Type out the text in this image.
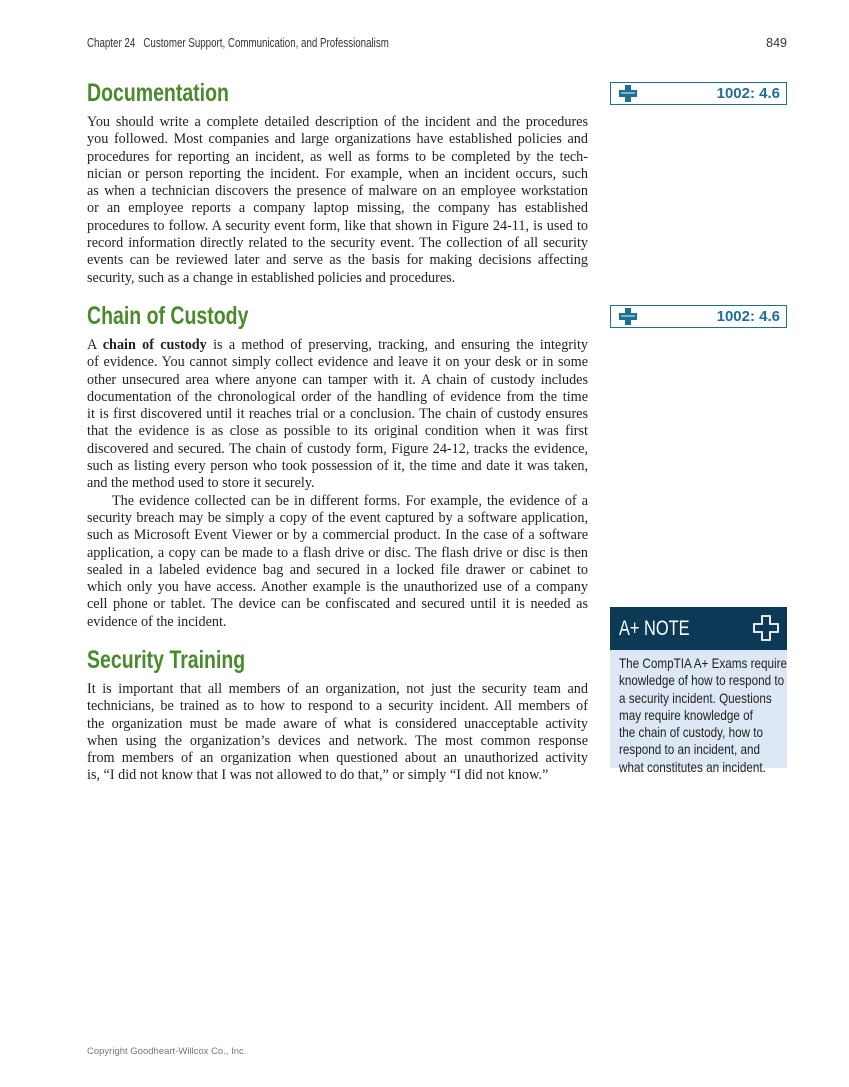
Chapter 24   Customer Support, Communication, and Professionalism	849
Documentation
You should write a complete detailed description of the incident and the procedures
you followed. Most companies and large organizations have established policies and
procedures for reporting an incident, as well as forms to be completed by the tech-
nician or person reporting the incident. For example, when an incident occurs, such
as when a technician discovers the presence of malware on an employee workstation
or an employee reports a company laptop missing, the company has established
procedures to follow. A security event form, like that shown in Figure 24-11, is used to
record information directly related to the security event. The collection of all security
events can be reviewed later and serve as the basis for making decisions affecting
security, such as a change in established policies and procedures.
1002: 4.6
Chain of Custody	1002: 4.6
A chain of custody is a method of preserving, tracking, and ensuring the integrity
of evidence. You cannot simply collect evidence and leave it on your desk or in some
other unsecured area where anyone can tamper with it. A chain of custody includes
documentation of the chronological order of the handling of evidence from the time
it is first discovered until it reaches trial or a conclusion. The chain of custody ensures
that the evidence is as close as possible to its original condition when it was first
discovered and secured. The chain of custody form, Figure 24-12, tracks the evidence,
such as listing every person who took possession of it, the time and date it was taken,
and the method used to store it securely.
The evidence collected can be in different forms. For example, the evidence of a
security breach may be simply a copy of the event captured by a software application,
such as Microsoft Event Viewer or by a commercial product. In the case of a software
application, a copy can be made to a flash drive or disc. The flash drive or disc is then
sealed in a labeled evidence bag and secured in a locked file drawer or cabinet to
which only you have access. Another example is the unauthorized use of a company
cell phone or tablet. The device can be confiscated and secured until it is needed as
evidence of the incident.
Security Training
It is important that all members of an organization, not just the security team and
technicians, be trained as to how to respond to a security incident. All members of
the organization must be made aware of what is considered unacceptable activity
when using the organization’s devices and network. The most common response
from members of an organization when questioned about an unauthorized activity
is, “I did not know that I was not allowed to do that,” or simply “I did not know.”
A+ NOTE
The CompTIA A+ Exams require
knowledge of how to respond to
a security incident. Questions
may require knowledge of
the chain of custody, how to
respond to an incident, and
what constitutes an incident.
Copyright Goodheart-Willcox Co., Inc.
